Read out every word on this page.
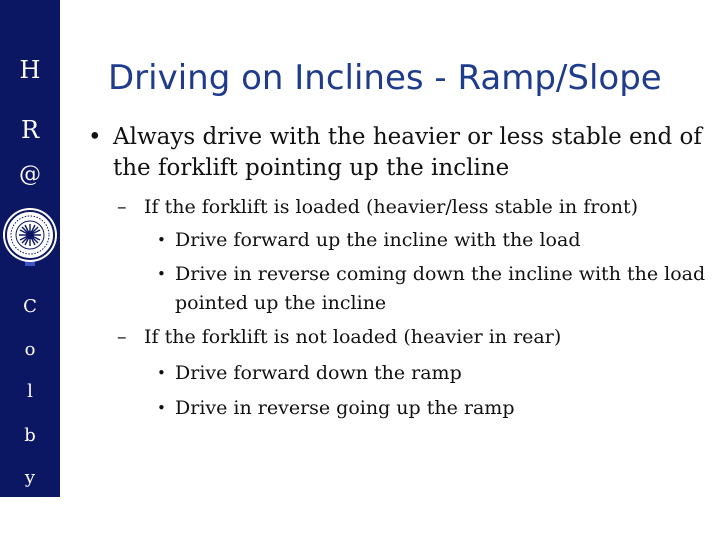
H
R
@
C
o
l
b
y
Driving on Inclines - Ramp/Slope
• Always drive with the heavier or less stable end of the forklift pointing up the incline
– If the forklift is loaded (heavier/less stable in front)
• Drive forward up the incline with the load
• Drive in reverse coming down the incline with the load pointed up the incline
– If the forklift is not loaded (heavier in rear)
• Drive forward down the ramp
• Drive in reverse going up the ramp
